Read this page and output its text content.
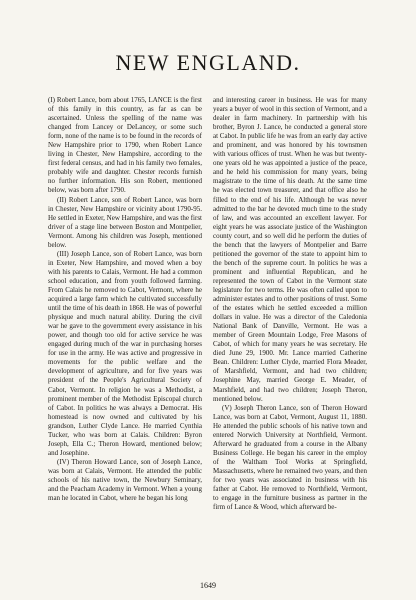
NEW ENGLAND.

(I) Robert Lance, born about 1765, LANCE is the first of this family in this country, as far as can be ascertained. Unless the spelling of the name was changed from Lancey or DeLancey, or some such form, none of the name is to be found in the records of New Hampshire prior to 1790, when Robert Lance living in Chester, New Hampshire, according to the first federal census, and had in his family two females, probably wife and daughter. Chester records furnish no further information. His son Robert, mentioned below, was born after 1790.

(II) Robert Lance, son of Robert Lance, was born in Chester, New Hampshire or vicinity about 1790-95. He settled in Exeter, New Hampshire, and was the first driver of a stage line between Boston and Montpelier, Vermont. Among his children was Joseph, mentioned below.

(III) Joseph Lance, son of Robert Lance, was born in Exeter, New Hampshire, and moved when a boy with his parents to Calais, Vermont. He had a common school education, and from youth followed farming. From Calais he removed to Cabot, Vermont, where he acquired a large farm which he cultivated successfully until the time of his death in 1868. He was of powerful physique and much natural ability. During the civil war he gave to the government every assistance in his power, and though too old for active service he was engaged during much of the war in purchasing horses for use in the army. He was active and progressive in movements for the public welfare and the development of agriculture, and for five years was president of the People's Agricultural Society of Cabot, Vermont. In religion he was a Methodist, a prominent member of the Methodist Episcopal church of Cabot. In politics he was always a Democrat. His homestead is now owned and cultivated by his grandson, Luther Clyde Lance. He married Cynthia Tucker, who was born at Calais. Children: Byron Joseph, Ella C.; Theron Howard, mentioned below; and Josephine.

(IV) Theron Howard Lance, son of Joseph Lance, was born at Calais, Vermont. He attended the public schools of his native town, the Newbury Seminary, and the Peacham Academy in Vermont. When a young man he located in Cabot, where he began his long

and interesting career in business. He was for many years a buyer of wool in this section of Vermont, and a dealer in farm machinery. In partnership with his brother, Byron J. Lance, he conducted a general store at Cabot. In public life he was from an early day active and prominent, and was honored by his townsmen with various offices of trust. When he was but twenty-one years old he was appointed a justice of the peace, and he held his commission for many years, being magistrate to the time of his death. At the same time he was elected town treasurer, and that office also he filled to the end of his life. Although he was never admitted to the bar he devoted much time to the study of law, and was accounted an excellent lawyer. For eight years he was associate justice of the Washington county court, and so well did he perform the duties of the bench that the lawyers of Montpelier and Barre petitioned the governor of the state to appoint him to the bench of the supreme court. In politics he was a prominent and influential Republican, and he represented the town of Cabot in the Vermont state legislature for two terms. He was often called upon to administer estates and to other positions of trust. Some of the estates which he settled exceeded a million dollars in value. He was a director of the Caledonia National Bank of Danville, Vermont. He was a member of Green Mountain Lodge, Free Masons of Cabot, of which for many years he was secretary. He died June 29, 1900. Mr. Lance married Catherine Bean. Children: Luther Clyde, married Flora Meader, of Marshfield, Vermont, and had two children; Josephine May, married George E. Meader, of Marshfield, and had two children; Joseph Theron, mentioned below.

(V) Joseph Theron Lance, son of Theron Howard Lance, was born at Cabot, Vermont, August 11, 1880. He attended the public schools of his native town and entered Norwich University at Northfield, Vermont. Afterward he graduated from a course in the Albany Business College. He began his career in the employ of the Waltham Tool Works at Springfield, Massachusetts, where he remained two years, and then for two years was associated in business with his father at Cabot. He removed to Northfield, Vermont, to engage in the furniture business as partner in the firm of Lance & Wood, which afterward be-

1649
